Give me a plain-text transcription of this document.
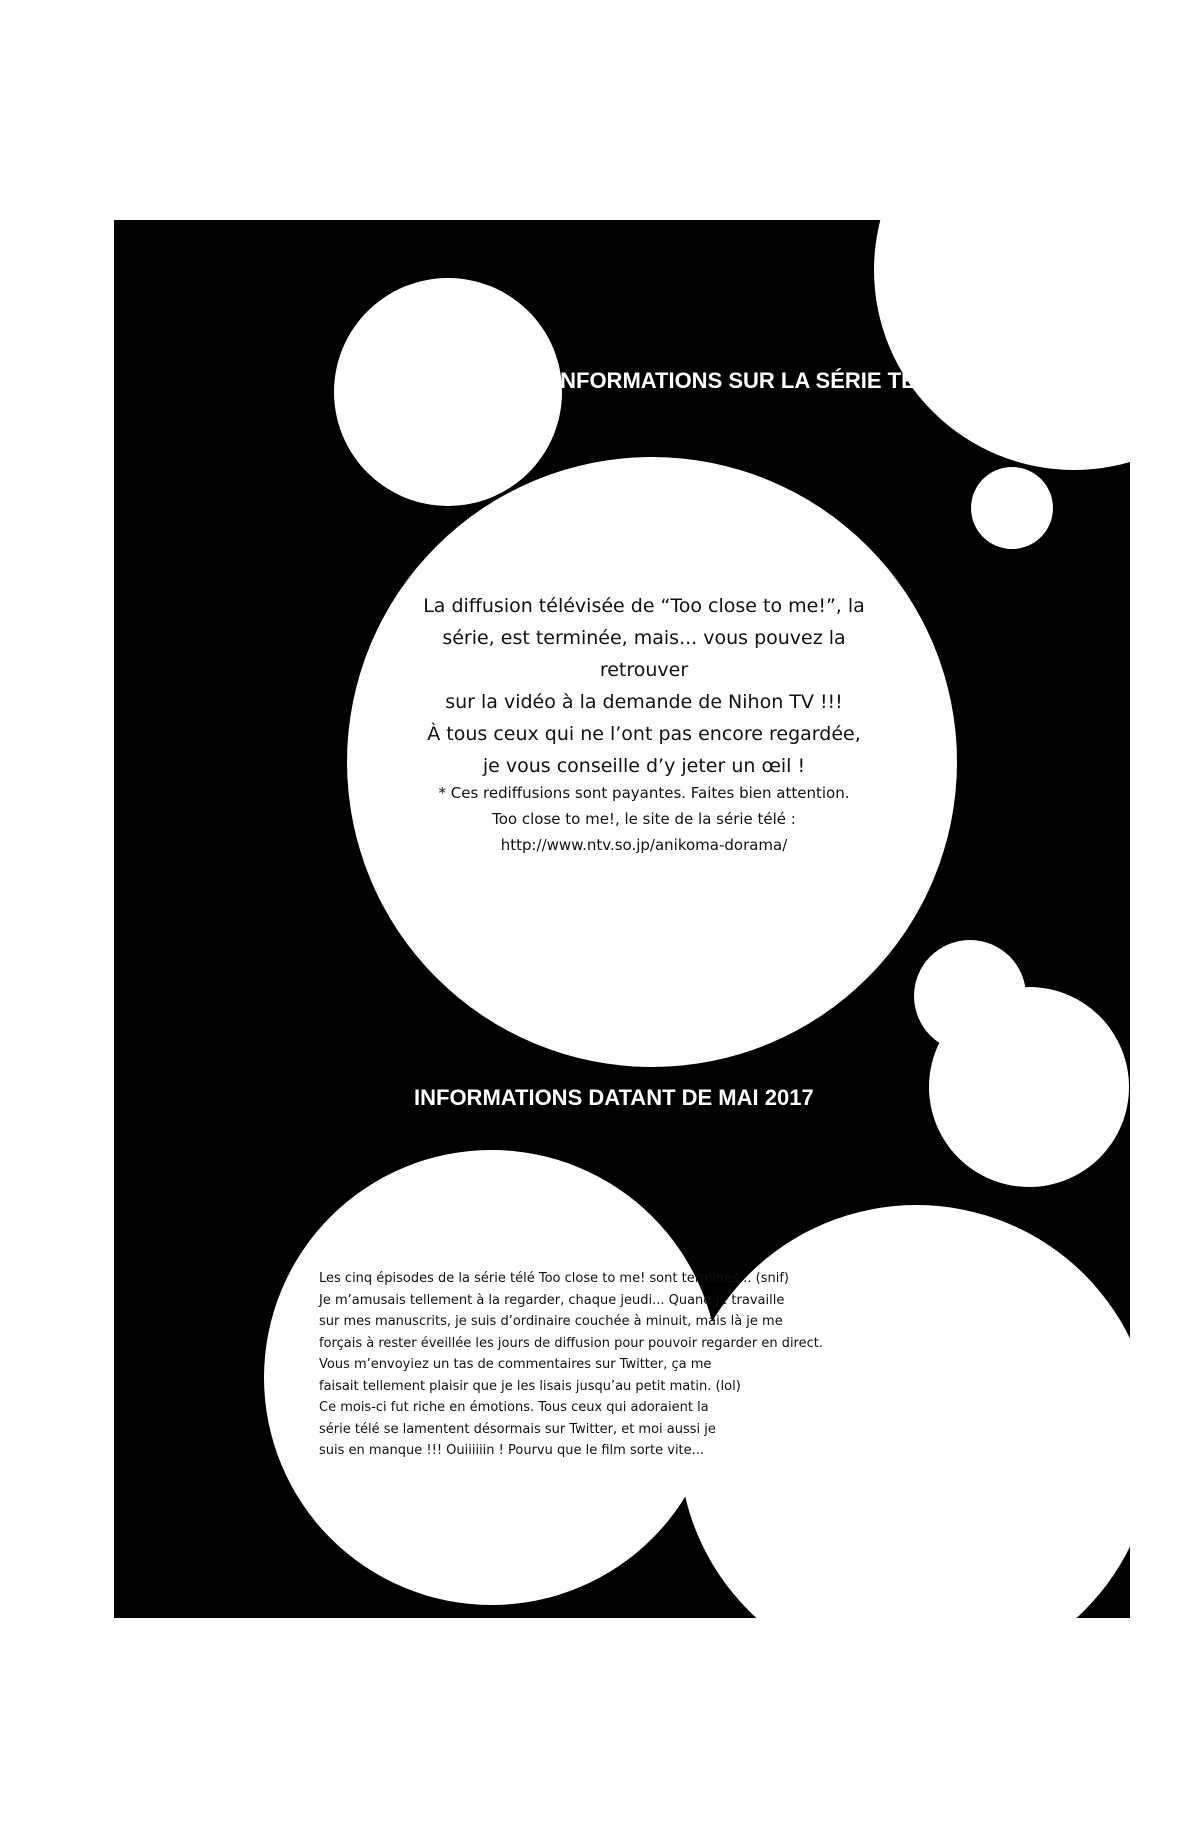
INFORMATIONS SUR LA SÉRIE TÉLÉVISÉE
INFORMATIONS DATANT DE MAI 2017

La diffusion télévisée de “Too close to me!”, la

série, est terminée, mais... vous pouvez la retrouver

sur la vidéo à la demande de Nihon TV !!!

À tous ceux qui ne l’ont pas encore regardée,

je vous conseille d’y jeter un œil !

* Ces rediffusions sont payantes. Faites bien attention.

Too close to me!, le site de la série télé :

http://www.ntv.so.jp/anikoma-dorama/

Les cinq épisodes de la série télé Too close to me! sont terminés... (snif)

Je m’amusais tellement à la regarder, chaque jeudi... Quand je travaille

sur mes manuscrits, je suis d’ordinaire couchée à minuit, mais là je me

forçais à rester éveillée les jours de diffusion pour pouvoir regarder en direct.

Vous m’envoyiez un tas de commentaires sur Twitter, ça me

faisait tellement plaisir que je les lisais jusqu’au petit matin. (lol)

Ce mois-ci fut riche en émotions. Tous ceux qui adoraient la

série télé se lamentent désormais sur Twitter, et moi aussi je

suis en manque !!! Ouiiiiiin ! Pourvu que le film sorte vite...
